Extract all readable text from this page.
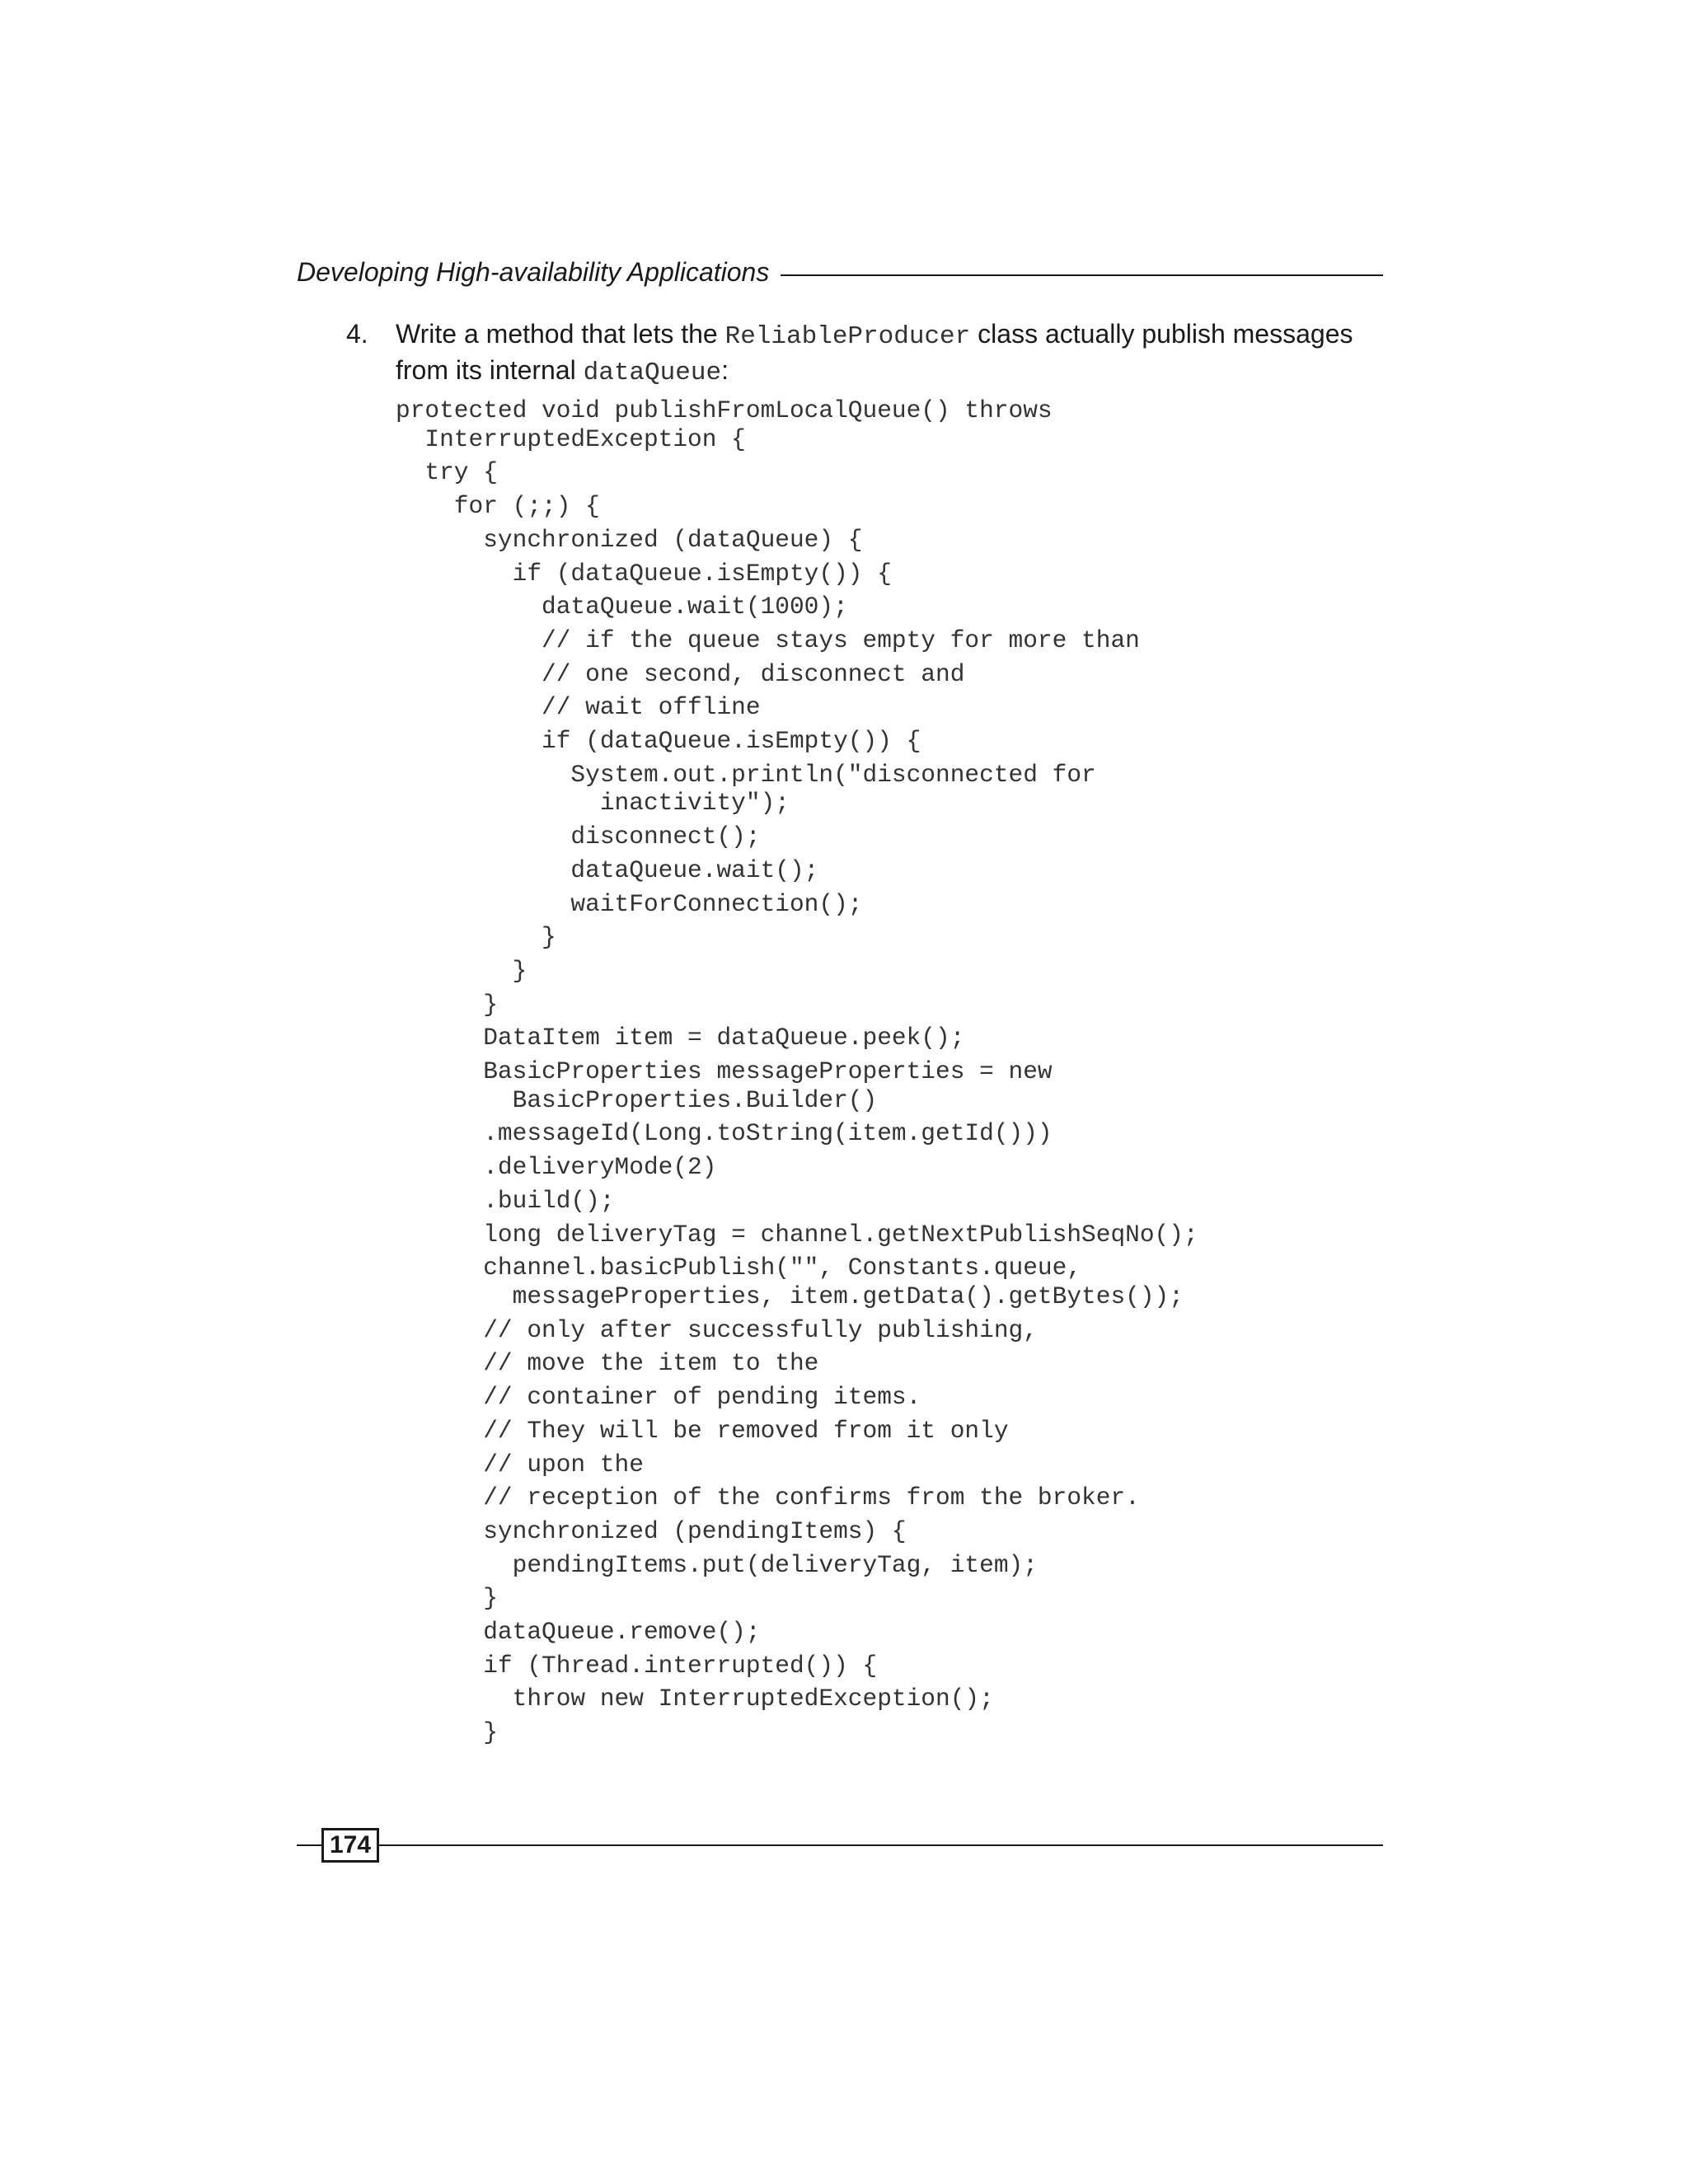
Developing High-availability Applications
4. Write a method that lets the ReliableProducer class actually publish messages from its internal dataQueue:
protected void publishFromLocalQueue() throws
InterruptedException {
try {
for (;;) {
synchronized (dataQueue) {
if (dataQueue.isEmpty()) {
dataQueue.wait(1000);
// if the queue stays empty for more than
// one second, disconnect and
// wait offline
if (dataQueue.isEmpty()) {
System.out.println("disconnected for
inactivity");
disconnect();
dataQueue.wait();
waitForConnection();
}
}
}
DataItem item = dataQueue.peek();
BasicProperties messageProperties = new
BasicProperties.Builder()
.messageId(Long.toString(item.getId()))
.deliveryMode(2)
.build();
long deliveryTag = channel.getNextPublishSeqNo();
channel.basicPublish("", Constants.queue,
messageProperties, item.getData().getBytes());
// only after successfully publishing,
// move the item to the
// container of pending items.
// They will be removed from it only
// upon the
// reception of the confirms from the broker.
synchronized (pendingItems) {
pendingItems.put(deliveryTag, item);
}
dataQueue.remove();
if (Thread.interrupted()) {
throw new InterruptedException();
}
174
